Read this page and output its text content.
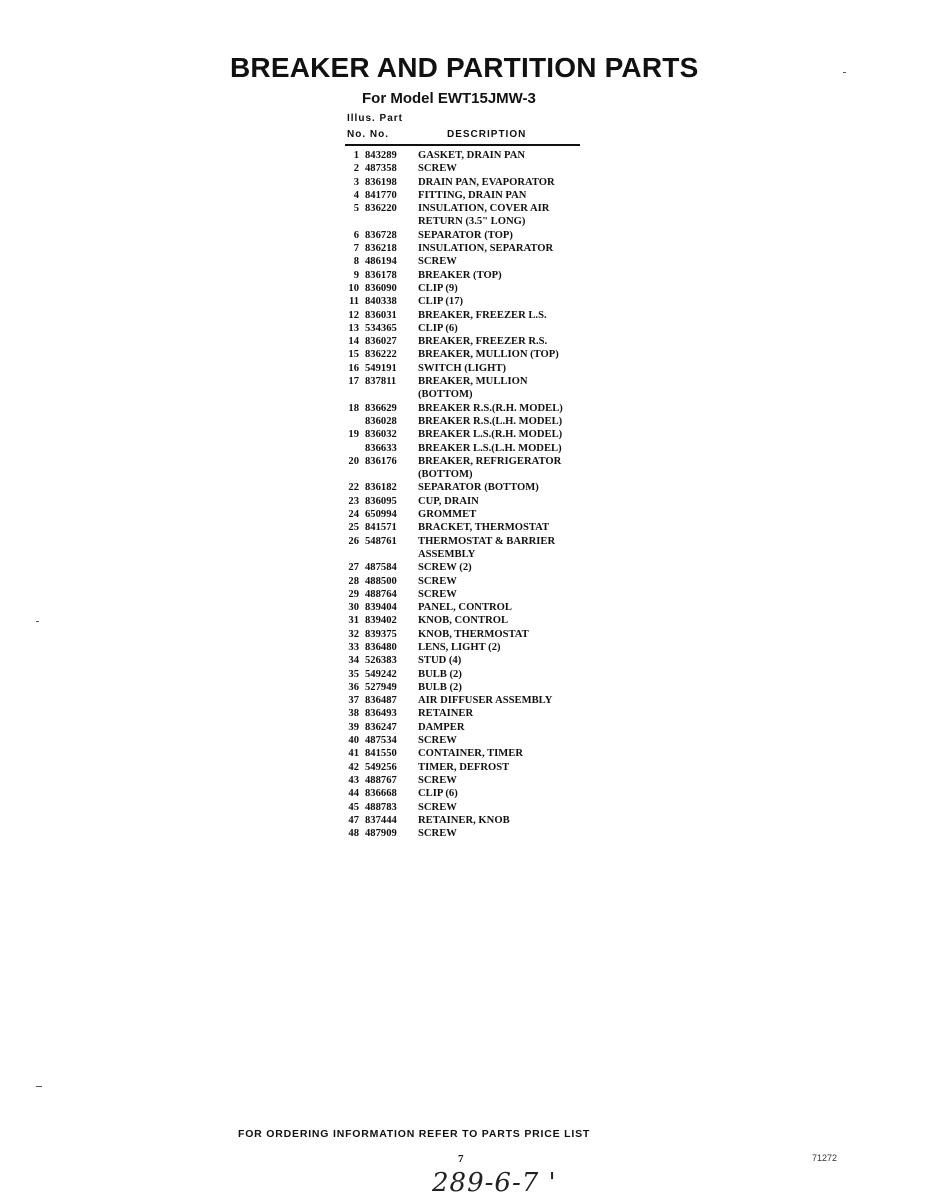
BREAKER AND PARTITION PARTS
For Model EWT15JMW-3
Illus. Part
No. No.	DESCRIPTION
1 843289	GASKET, DRAIN PAN
2 487358	SCREW
3 836198	DRAIN PAN, EVAPORATOR
4 841770	FITTING, DRAIN PAN
5 836220	INSULATION, COVER AIR
RETURN (3.5" LONG)
6 836728	SEPARATOR (TOP)
7 836218	INSULATION, SEPARATOR
8 486194	SCREW
9 836178	BREAKER (TOP)
10 836090	CLIP (9)
11 840338	CLIP (17)
12 836031	BREAKER, FREEZER L.S.
13 534365	CLIP (6)
14 836027	BREAKER, FREEZER R.S.
15 836222	BREAKER, MULLION (TOP)
16 549191	SWITCH (LIGHT)
17 837811	BREAKER, MULLION
(BOTTOM)
18 836629	BREAKER R.S.(R.H. MODEL)
836028	BREAKER R.S.(L.H. MODEL)
19 836032	BREAKER L.S.(R.H. MODEL)
836633	BREAKER L.S.(L.H. MODEL)
20 836176	BREAKER, REFRIGERATOR
(BOTTOM)
22 836182	SEPARATOR (BOTTOM)
23 836095	CUP, DRAIN
24 650994	GROMMET
25 841571	BRACKET, THERMOSTAT
26 548761	THERMOSTAT & BARRIER
ASSEMBLY
27 487584	SCREW (2)
28 488500	SCREW
29 488764	SCREW
30 839404	PANEL, CONTROL
31 839402	KNOB, CONTROL
32 839375	KNOB, THERMOSTAT
33 836480	LENS, LIGHT (2)
34 526383	STUD (4)
35 549242	BULB (2)
36 527949	BULB (2)
37 836487	AIR DIFFUSER ASSEMBLY
38 836493	RETAINER
39 836247	DAMPER
40 487534	SCREW
41 841550	CONTAINER, TIMER
42 549256	TIMER, DEFROST
43 488767	SCREW
44 836668	CLIP (6)
45 488783	SCREW
47 837444	RETAINER, KNOB
48 487909	SCREW
FOR ORDERING INFORMATION REFER TO PARTS PRICE LIST
7	71272
289-6-7 '
